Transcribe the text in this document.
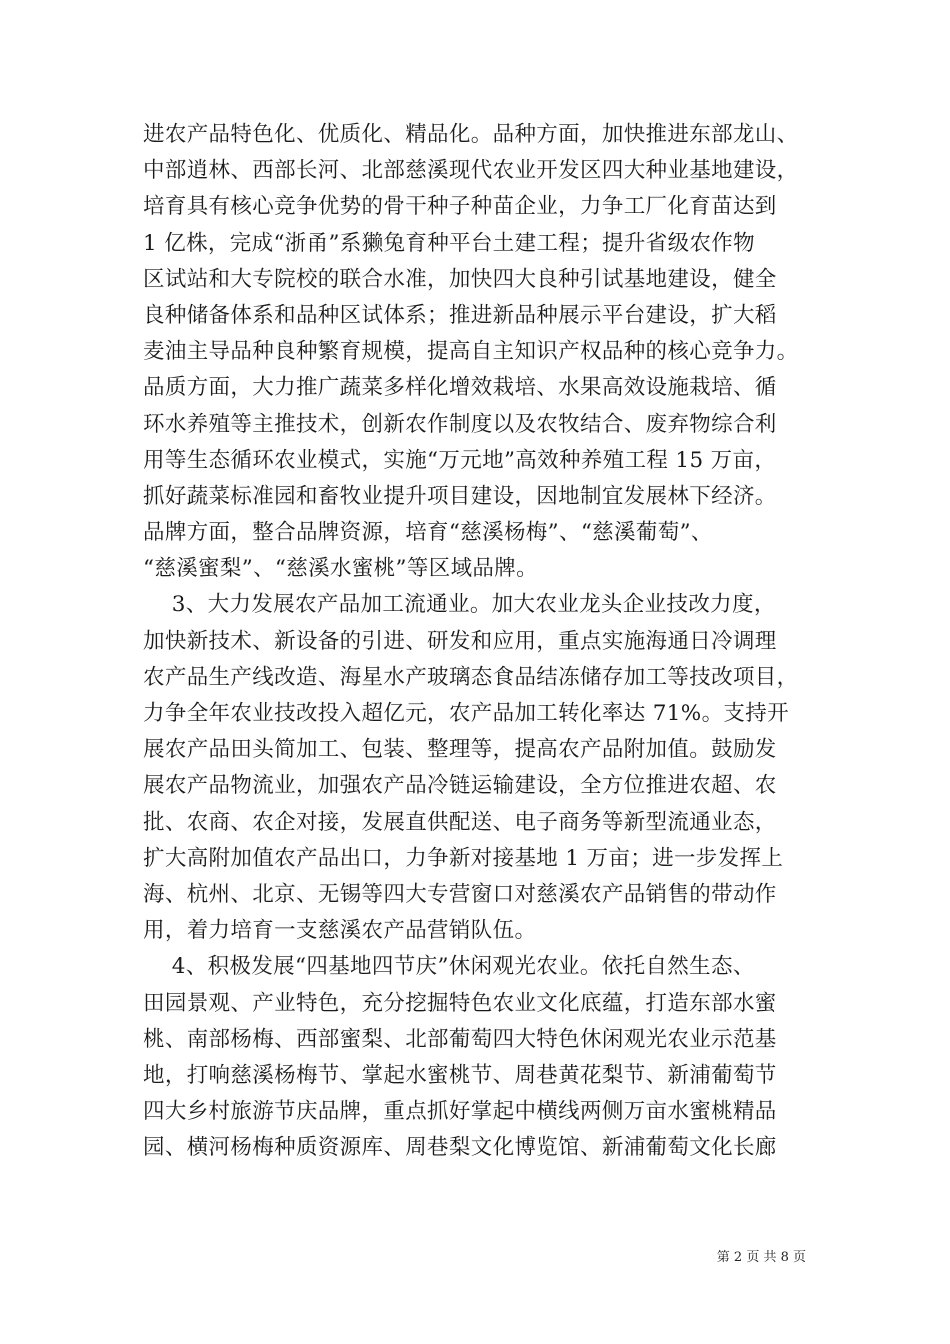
进农产品特色化、优质化、精品化。品种方面，加快推进东部龙山、
中部逍林、西部长河、北部慈溪现代农业开发区四大种业基地建设，
培育具有核心竞争优势的骨干种子种苗企业，力争工厂化育苗达到
1 亿株，完成“浙甬”系獭兔育种平台土建工程；提升省级农作物
区试站和大专院校的联合水准，加快四大良种引试基地建设，健全
良种储备体系和品种区试体系；推进新品种展示平台建设，扩大稻
麦油主导品种良种繁育规模，提高自主知识产权品种的核心竞争力。
品质方面，大力推广蔬菜多样化增效栽培、水果高效设施栽培、循
环水养殖等主推技术，创新农作制度以及农牧结合、废弃物综合利
用等生态循环农业模式，实施“万元地”高效种养殖工程 15 万亩，
抓好蔬菜标准园和畜牧业提升项目建设，因地制宜发展林下经济。
品牌方面，整合品牌资源，培育“慈溪杨梅”、“慈溪葡萄”、
“慈溪蜜梨”、“慈溪水蜜桃”等区域品牌。
3、大力发展农产品加工流通业。加大农业龙头企业技改力度，
加快新技术、新设备的引进、研发和应用，重点实施海通日冷调理
农产品生产线改造、海星水产玻璃态食品结冻储存加工等技改项目，
力争全年农业技改投入超亿元，农产品加工转化率达 71%。支持开
展农产品田头简加工、包装、整理等，提高农产品附加值。鼓励发
展农产品物流业，加强农产品冷链运输建设，全方位推进农超、农
批、农商、农企对接，发展直供配送、电子商务等新型流通业态，
扩大高附加值农产品出口，力争新对接基地 1 万亩；进一步发挥上
海、杭州、北京、无锡等四大专营窗口对慈溪农产品销售的带动作
用，着力培育一支慈溪农产品营销队伍。
4、积极发展“四基地四节庆”休闲观光农业。依托自然生态、
田园景观、产业特色，充分挖掘特色农业文化底蕴，打造东部水蜜
桃、南部杨梅、西部蜜梨、北部葡萄四大特色休闲观光农业示范基
地，打响慈溪杨梅节、掌起水蜜桃节、周巷黄花梨节、新浦葡萄节
四大乡村旅游节庆品牌，重点抓好掌起中横线两侧万亩水蜜桃精品
园、横河杨梅种质资源库、周巷梨文化博览馆、新浦葡萄文化长廊
第 2 页 共 8 页
